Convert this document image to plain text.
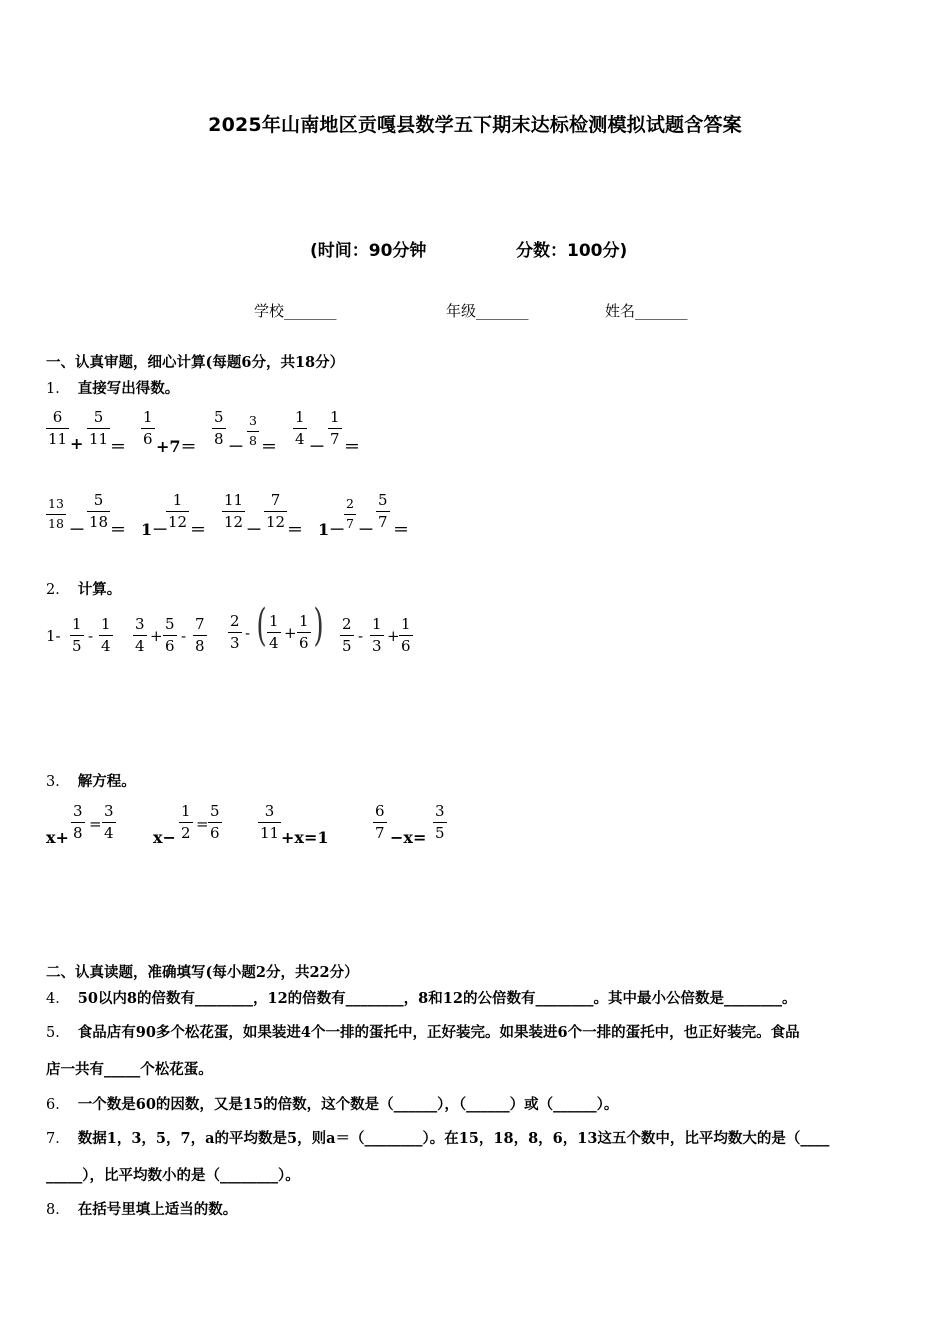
2025年山南地区贡嘎县数学五下期末达标检测模拟试题含答案
(时间：90分钟	分数：100分)
学校_______	年级_______	姓名_______
一、认真审题，细心计算(每题6分，共18分）
1． 直接写出得数。
$\frac{6}{11} + \frac{5}{11} = \frac{1}{6} +7= \frac{5}{8} - \frac{3}{8} = \frac{1}{4} - \frac{1}{7}$ ＝
$\frac{13}{18} - \frac{5}{18} = 1-$
$\frac{1}{12} = \frac{11}{12} - \frac{7}{12} = 1-$
$\frac{2}{7} - \frac{5}{7}$ ＝
2． 计算。
$1- \frac{1}{5} - \frac{1}{4} \frac{3}{4} + \frac{5}{6} - \frac{7}{8} \frac{2}{3}$ - ( $\frac{1}{4} + \frac{1}{6}$ ) $\frac{2}{5} - \frac{1}{3} + \frac{1}{6}$
3． 解方程。
$x+ \frac{3}{8} = \frac{3}{4} x- \frac{1}{2} = \frac{5}{6} \frac{3}{11} +x=1$	$\frac{6}{7} -x= \frac{3}{5}$
二、认真读题，准确填写(每小题2分，共22分）
4． 50以内8的倍数有________，12的倍数有________，8和12的公倍数有________。其中最小公倍数是________。
5． 食品店有90多个松花蛋，如果装进4个一排的蛋托中，正好装完。如果装进6个一排的蛋托中，也正好装完。食品
店一共有_____个松花蛋。
6． 一个数是60的因数，又是15的倍数，这个数是（______），（______）或（______）。
7． 数据1，3，5，7，a的平均数是5，则a＝（________）。在15，18，8，6，13这五个数中，比平均数大的是（____
_____），比平均数小的是（________）。
8． 在括号里填上适当的数。
